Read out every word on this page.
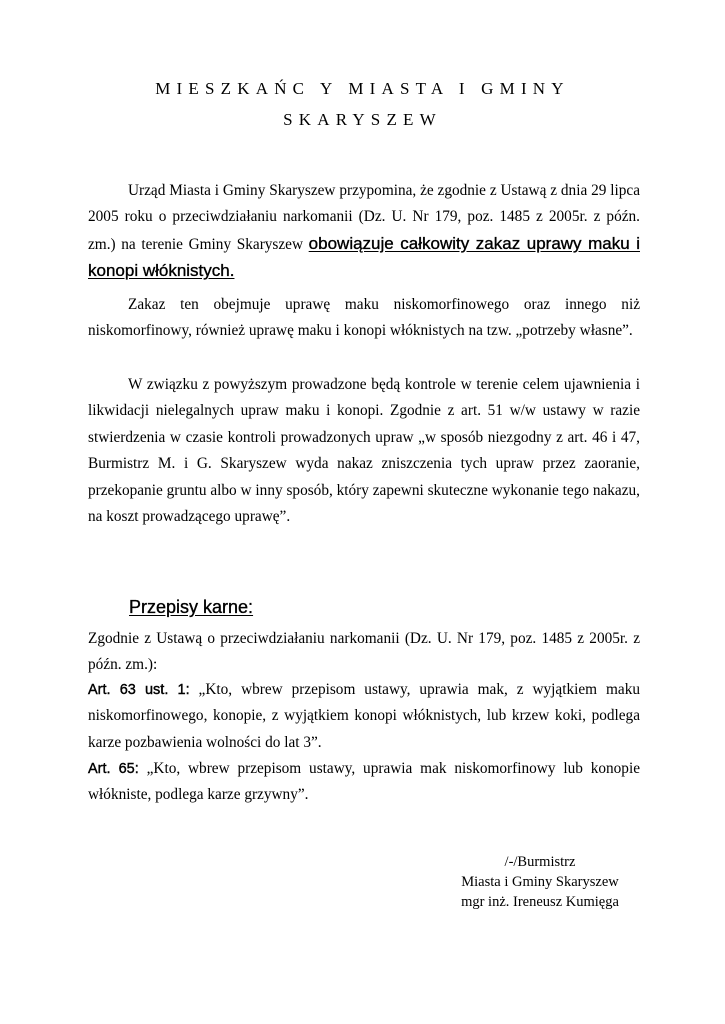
MIESZKAŃC Y MIASTA I GMINY
SKARYSZEW
Urząd Miasta i Gminy Skaryszew przypomina, że zgodnie z Ustawą z dnia 29 lipca 2005 roku o przeciwdziałaniu narkomanii (Dz. U. Nr 179, poz. 1485 z 2005r. z późn. zm.) na terenie Gminy Skaryszew obowiązuje całkowity zakaz uprawy maku i konopi włóknistych.
Zakaz ten obejmuje uprawę maku niskomorfinowego oraz innego niż niskomorfinowy, również uprawę maku i konopi włóknistych na tzw. „potrzeby własne”.
W związku z powyższym prowadzone będą kontrole w terenie celem ujawnienia i likwidacji nielegalnych upraw maku i konopi. Zgodnie z art. 51 w/w ustawy w razie stwierdzenia w czasie kontroli prowadzonych upraw „w sposób niezgodny z art. 46 i 47, Burmistrz M. i G. Skaryszew wyda nakaz zniszczenia tych upraw przez zaoranie, przekopanie gruntu albo w inny sposób, który zapewni skuteczne wykonanie tego nakazu, na koszt prowadzącego uprawę”.
Przepisy karne:
Zgodnie z Ustawą o przeciwdziałaniu narkomanii (Dz. U. Nr 179, poz. 1485 z 2005r. z późn. zm.):
Art. 63 ust. 1: „Kto, wbrew przepisom ustawy, uprawia mak, z wyjątkiem maku niskomorfinowego, konopie, z wyjątkiem konopi włóknistych, lub krzew koki, podlega karze pozbawienia wolności do lat 3”.
Art. 65: „Kto, wbrew przepisom ustawy, uprawia mak niskomorfinowy lub konopie włókniste, podlega karze grzywny”.
/-/Burmistrz
Miasta i Gminy Skaryszew
mgr inż. Ireneusz Kumięga
